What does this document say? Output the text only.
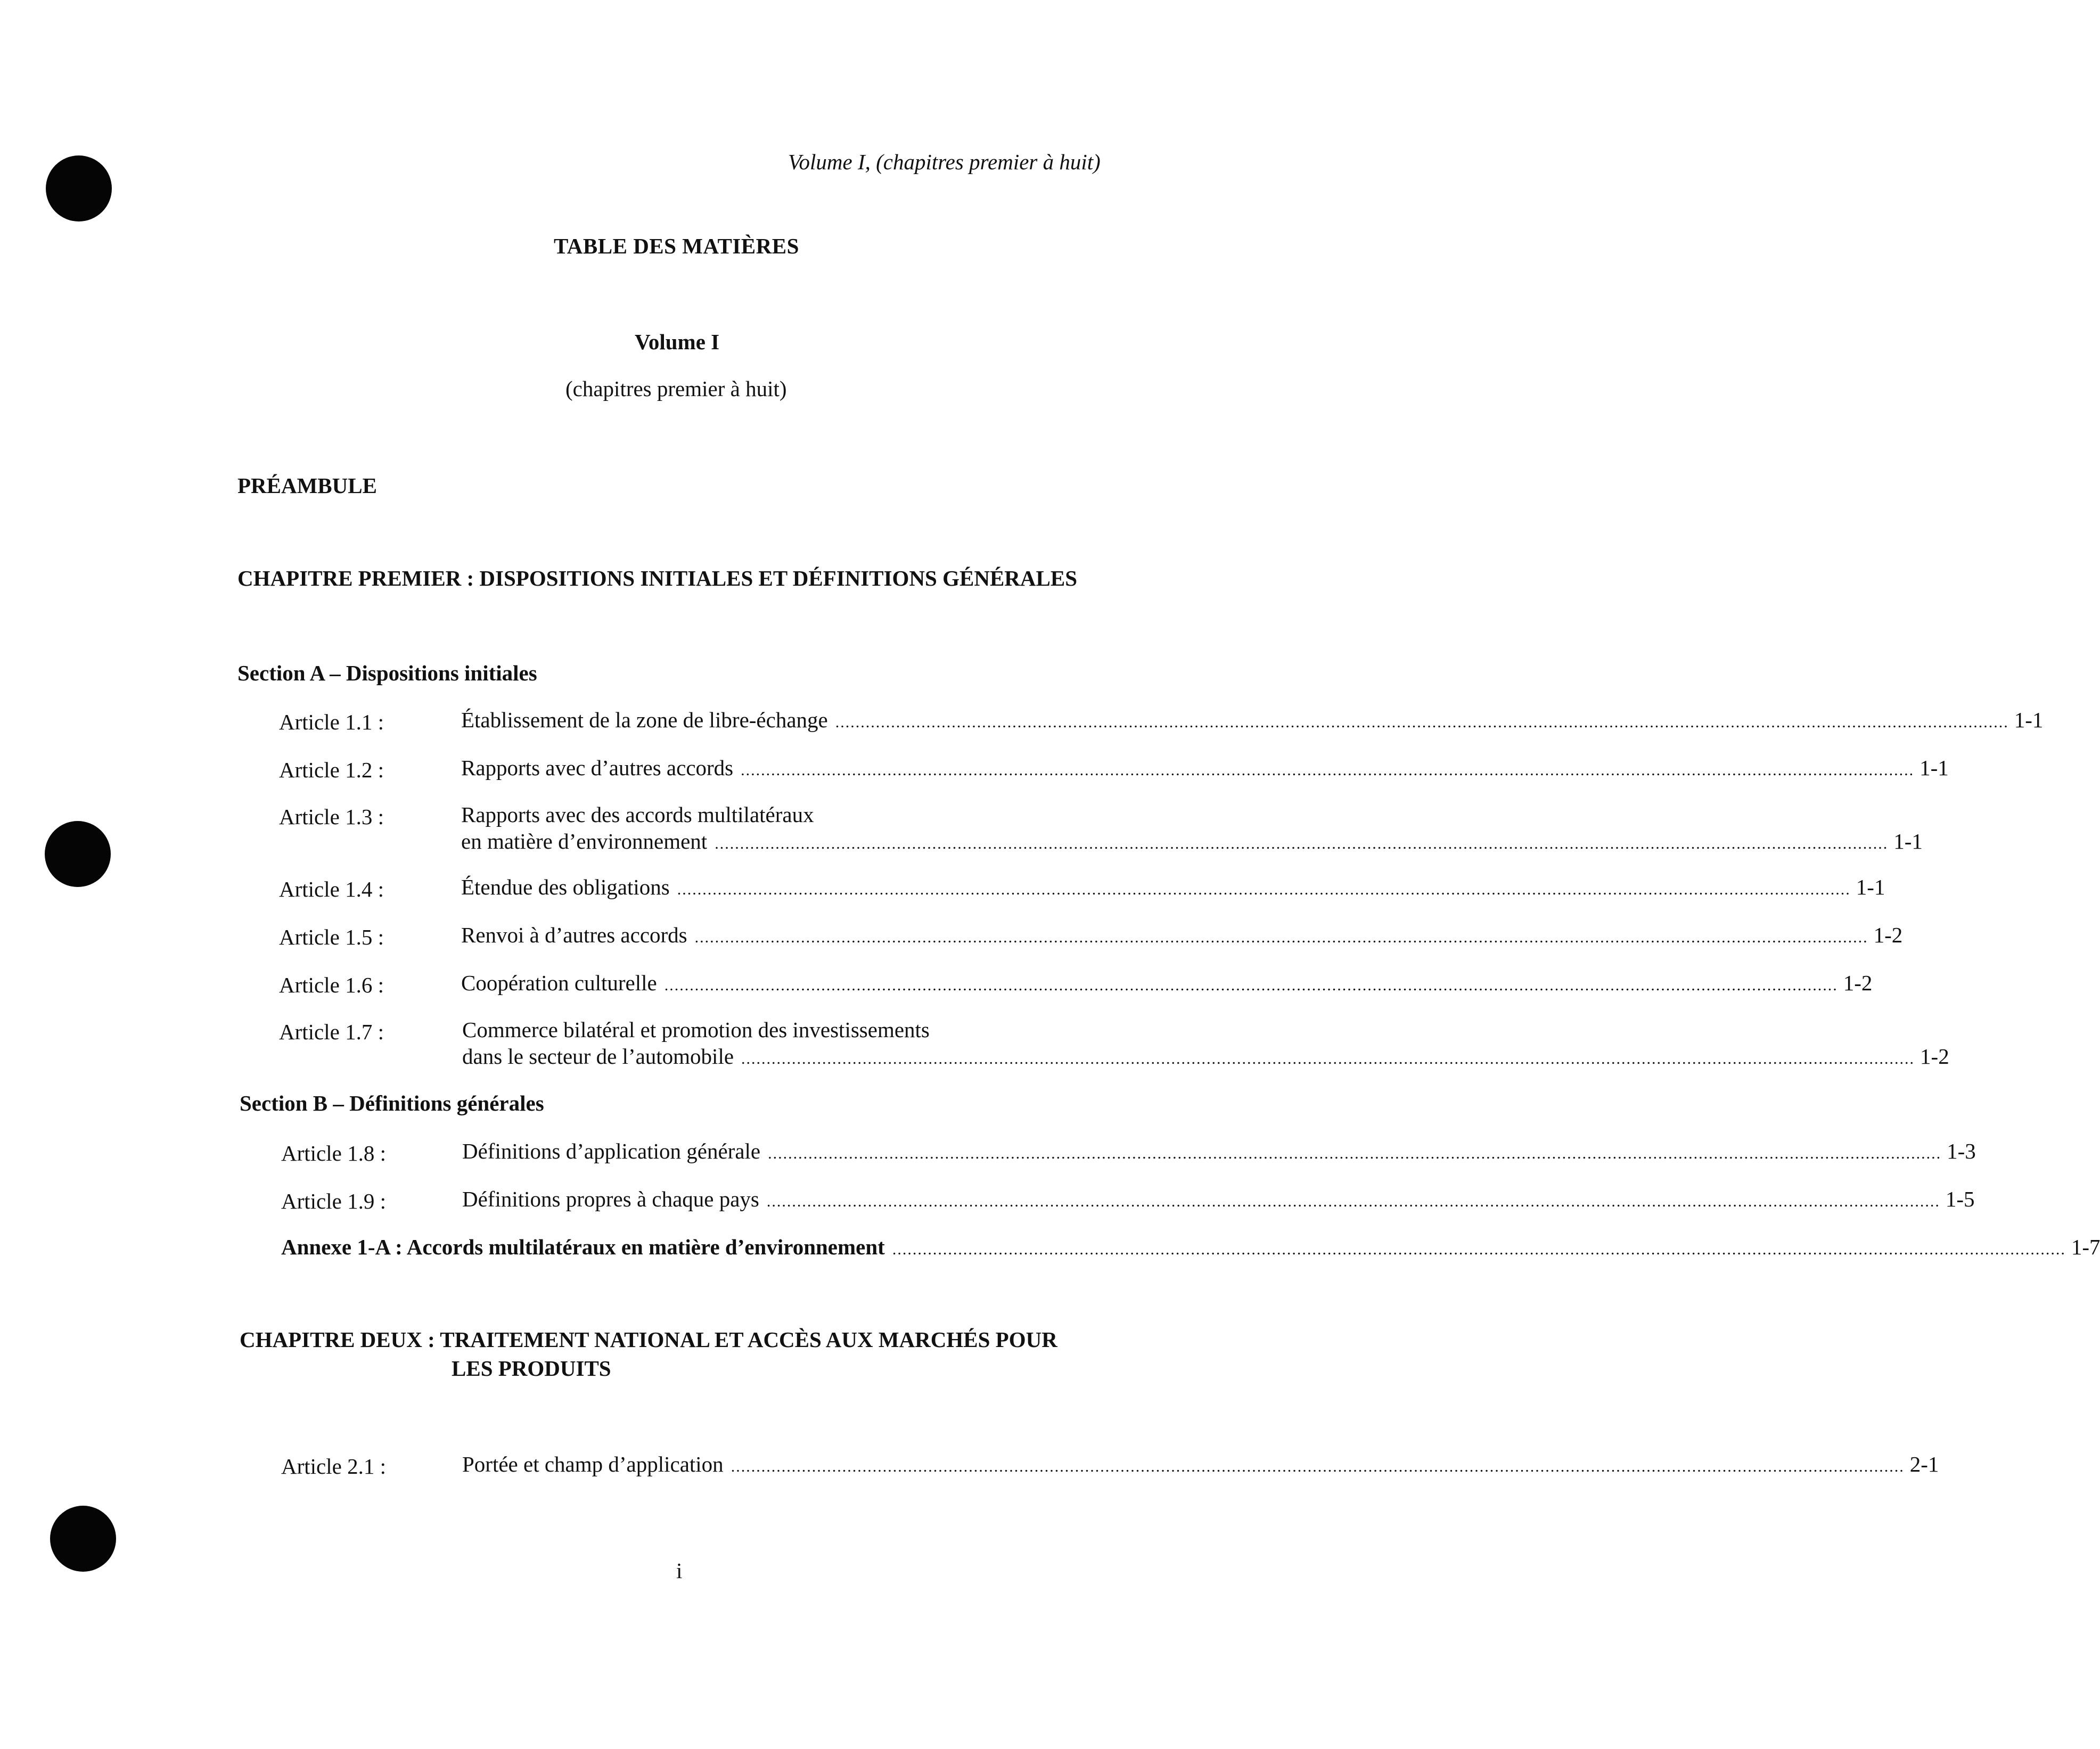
Volume I, (chapitres premier à huit)
TABLE DES MATIÈRES
Volume I
(chapitres premier à huit)
PRÉAMBULE
CHAPITRE PREMIER : DISPOSITIONS INITIALES ET DÉFINITIONS GÉNÉRALES
Section A – Dispositions initiales
Article 1.1 :	Établissement de la zone de libre-échange ........................................................................................................................................................................................................................................ 1-1
Article 1.2 :	Rapports avec d’autres accords ........................................................................................................................................................................................................................................ 1-1
Article 1.3 :	Rapports avec des accords multilatéraux
en matière d’environnement ........................................................................................................................................................................................................................................ 1-1
Article 1.4 :	Étendue des obligations ........................................................................................................................................................................................................................................ 1-1
Article 1.5 :	Renvoi à d’autres accords ........................................................................................................................................................................................................................................ 1-2
Article 1.6 :	Coopération culturelle ........................................................................................................................................................................................................................................ 1-2
Article 1.7 :	Commerce bilatéral et promotion des investissements
dans le secteur de l’automobile ........................................................................................................................................................................................................................................ 1-2
Section B – Définitions générales
Article 1.8 :	Définitions d’application générale ........................................................................................................................................................................................................................................ 1-3
Article 1.9 :	Définitions propres à chaque pays ........................................................................................................................................................................................................................................ 1-5
Annexe 1-A : Accords multilatéraux en matière d’environnement ........................................................................................................................................................................................................................................ 1-7
CHAPITRE DEUX : TRAITEMENT NATIONAL ET ACCÈS AUX MARCHÉS POUR
LES PRODUITS
Article 2.1 :	Portée et champ d’application ........................................................................................................................................................................................................................................ 2-1
i
